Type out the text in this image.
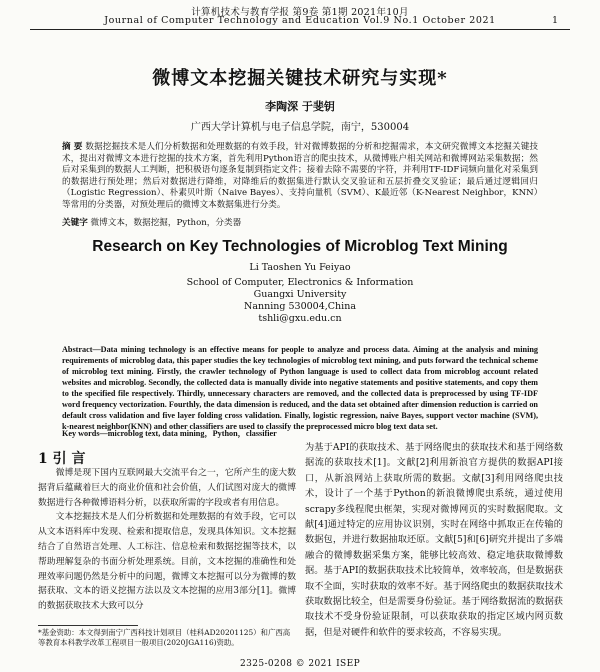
计算机技术与教育学报 第9卷 第1期 2021年10月
Journal of Computer Technology and Education Vol.9 No.1 October 2021	1
微博文本挖掘关键技术研究与实现*
李陶深 于斐钥
广西大学计算机与电子信息学院，南宁，530004
摘 要 数据挖掘技术是人们分析数据和处理数据的有效手段，针对微博数据的分析和挖掘需求，本文研究微博文本挖掘关键技术，提出对微博文本进行挖掘的技术方案，首先利用Python语言的爬虫技术，从微博账户相关网站和微博网站采集数据；然后对采集到的数据人工判断，把积极语句逐条复制到指定文件；接着去除不需要的字符，并利用TF-IDF词频向量化对采集到的数据进行预处理；然后对数据进行降维，对降维后的数据集进行默认交叉验证和五层折叠交叉验证；最后通过逻辑回归（Logistic Regression）、朴素贝叶斯（Naive Bayes）、支持向量机（SVM）、K最近邻（K-Nearest Neighbor，KNN）等常用的分类器，对预处理后的微博文本数据集进行分类。
关键字 微博文本，数据挖掘，Python，分类器
Research on Key Technologies of Microblog Text Mining
Li Taoshen Yu Feiyao
School of Computer, Electronics & Information
Guangxi University
Nanning 530004,China
tshli@gxu.edu.cn
Abstract—Data mining technology is an effective means for people to analyze and process data. Aiming at the analysis and mining requirements of microblog data, this paper studies the key technologies of microblog text mining, and puts forward the technical scheme of microblog text mining. Firstly, the crawler technology of Python language is used to collect data from microblog account related websites and microblog. Secondly, the collected data is manually divide into negative statements and positive statements, and copy them to the specified file respectively. Thirdly, unnecessary characters are removed, and the collected data is preprocessed by using TF-IDF word frequency vectorization. Fourthly, the data dimension is reduced, and the data set obtained after dimension reduction is carried on default cross validation and five layer folding cross validation. Finally, logistic regression, naive Bayes, support vector machine (SVM), k-nearest neighbor(KNN) and other classifiers are used to classify the preprocessed micro blog text data set.
Key words—microblog text, data mining，Python，classifier
1 引 言

微博是现下国内互联网最大交流平台之一，它所产生的庞大数据背后蕴藏着巨大的商业价值和社会价值，人们试图对庞大的微博数据进行各种微博语料分析，以获取所需的字段或者有用信息。

文本挖掘技术是人们分析数据和处理数据的有效手段，它可以从文本语料库中发现、检索和提取信息，发现具体知识。文本挖掘结合了自然语言处理、人工标注、信息检索和数据挖掘等技术，以帮助理解复杂的书面分析处理系统。目前，文本挖掘的准确性和处理效率问题仍然是分析中的问题，微博文本挖掘可以分为微博的数据获取、文本的语义挖掘方法以及文本挖掘的应用3部分[1]。微博的数据获取技术大致可以分

为基于API的获取技术、基于网络爬虫的获取技术和基于网络数据流的获取技术[1]。文献[2]利用新浪官方提供的数据API接口，从新浪网站上获取所需的数据。文献[3]利用网络爬虫技术，设计了一个基于Python的新浪微博爬虫系统，通过使用scrapy多线程爬虫框架，实现对微博网页的实时数据爬取。文献[4]通过特定的应用协议识别，实时在网络中抓取正在传输的数据包，并进行数据抽取还原。文献[5]和[6]研究并提出了多端融合的微博数据采集方案，能够比较高效、稳定地获取微博数据。基于API的数据获取技术比较简单，效率较高，但是数据获取不全面，实时获取的效率不好。基于网络爬虫的数据获取技术获取数据比较全，但是需要身份验证。基于网络数据流的数据获取技术不受身份验证限制，可以获取获取的指定区域内网页数据，但是对硬件和软件的要求较高，不容易实现。

*基金资助：本文得到南宁广西科技计划项目（桂科AD20201125）和广西高等教育本科教学改革工程项目一般项目(2020JGA116)资助。
2325-0208 © 2021 ISEP
